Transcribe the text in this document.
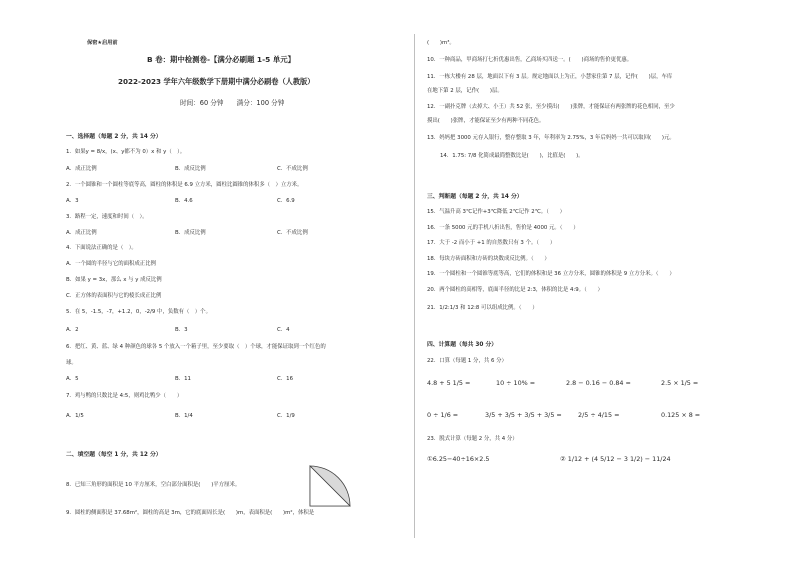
保密★启用前
B 卷：期中检测卷-【满分必刷题 1-5 单元】
2022-2023 学年六年级数学下册期中满分必刷卷（人教版）
时间：60 分钟　　满分：100 分钟
一、选择题（每题 2 分，共 14 分）
1．如果y = 8/x，(x、y都不为 0）x 和 y（　）。
A．成正比例	B．成反比例	C．不成比例
2．一个圆锥和一个圆柱等底等高，圆柱的体积是 6.9 立方米，圆柱比圆锥的体积多（　）立方米。
A．3	B．4.6	C．6.9
3．路程一定，速度和时间（　）。
A．成正比例	B．成反比例	C．不成比例
4．下面说法正确的是（　）。
A．一个圆的半径与它的面积成正比例
B．如果 y = 3x，那么 x 与 y 成反比例
C．正方体的表面积与它的棱长成正比例
5．在 5，-1.5，-7，+1.2，0，-2/9 中，负数有（　）个。
A．2	B．3	C．4
6．把红、黄、蓝、绿 4 种颜色的球各 5 个放入一个箱子里，至少要取（　）个球，才能保证取到一个红色的
球。
A．5	B．11	C．16
7．鸡与鸭的只数比是 4:5，则鸡比鸭少（　　）
A．1/5	B．1/4	C．1/9
二、填空题（每空 1 分，共 12 分）
8．已知三角形的面积是 10 平方厘米，空白部分面积是(　　)平方厘米。
9．圆柱的侧面积是 37.68m²，圆柱的高是 3m，它的底面周长是(　　)m，表面积是(　　)m²，体积是
(　　)m³。
10．一种商品，甲商场打七折优惠出售，乙商场买四送一。(　　)商场的售价更优惠。
11．一栋大楼有 28 层，地面以下有 3 层。规定地面以上为正，小慧家住第 7 层，记作(　　)层，车库
在地下第 2 层，记作(　　)层。
12．一副扑克牌（去掉大、小王）共 52 张，至少摸出(　　)张牌，才能保证有两张牌的花色相同，至少
摸出(　　)张牌，才能保证至少有两种不同花色。
13．妈妈把 3000 元存入银行，整存整取 3 年，年利率为 2.75%，3 年后妈妈一共可以取回(　　)元。
14．1.75: 7/8 化简成最简整数比是(　　)，比值是(　　)。
三、判断题（每题 2 分，共 14 分）
15．气温升高 3℃记作+3℃降低 2℃记作 2℃。（　　）
16．一条 5000 元的手机八折出售，售价是 4000 元。（　　）
17．大于 -2 而小于 +1 的自然数只有 3 个。（　　）
18．每块方砖面积和方砖的块数成反比例。（　　）
19．一个圆柱和一个圆锥等底等高，它们的体积和是 36 立方分米，圆锥的体积是 9 立方分米。（　　）
20．两个圆柱的高相等，底面半径的比是 2:3，体积的比是 4:9。（　　）
21．1/2:1/3 和 12:8 可以组成比例。（　　）
四、计算题（每共 30 分）
22．口算（每题 1 分，共 6 分）
4.8 + 5 1/5 =	10 ÷ 10% =	2.8 − 0.16 − 0.84 =	2.5 × 1/5 =
0 ÷ 1/6 =	3/5 + 3/5 + 3/5 + 3/5 =	2/5 ÷ 4/15 =	0.125 × 8 =
23．脱式计算（每题 2 分，共 4 分）
①6.25−40÷16×2.5	② 1/12 + (4 5/12 − 3 1/2) − 11/24
